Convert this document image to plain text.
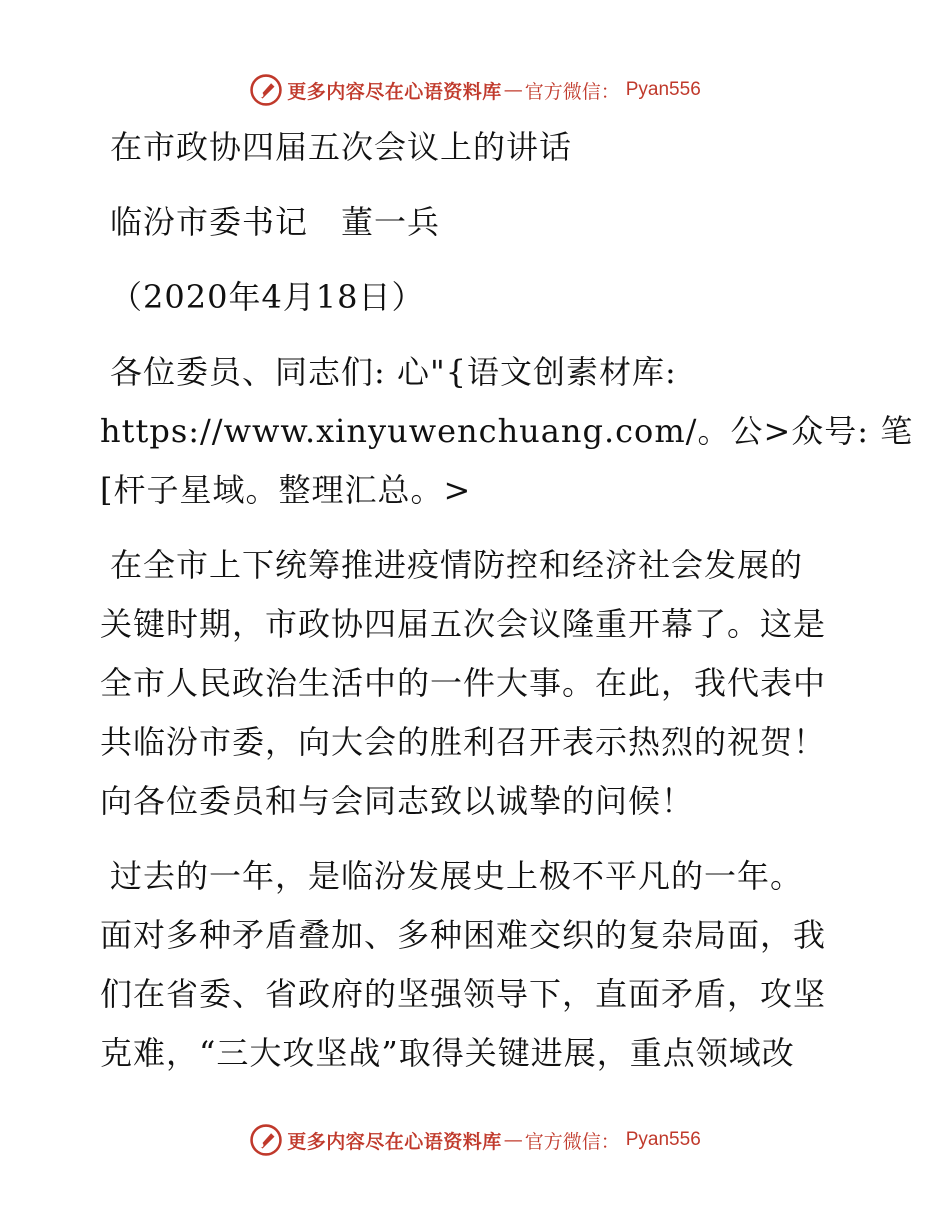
更多内容尽在心语资料库 — 官方微信： Pyan556
在市政协四届五次会议上的讲话
临汾市委书记　董一兵
（2020年4月18日）
各位委员、同志们: 心"{语文创素材库:
https://www.xinyuwenchuang.com/。公>众号: 笔
[杆子星域。整理汇总。>
在全市上下统筹推进疫情防控和经济社会发展的
关键时期，市政协四届五次会议隆重开幕了。这是
全市人民政治生活中的一件大事。在此，我代表中
共临汾市委，向大会的胜利召开表示热烈的祝贺！
向各位委员和与会同志致以诚挚的问候！
过去的一年，是临汾发展史上极不平凡的一年。
面对多种矛盾叠加、多种困难交织的复杂局面，我
们在省委、省政府的坚强领导下，直面矛盾，攻坚
克难，“三大攻坚战”取得关键进展，重点领域改
更多内容尽在心语资料库 — 官方微信： Pyan556
